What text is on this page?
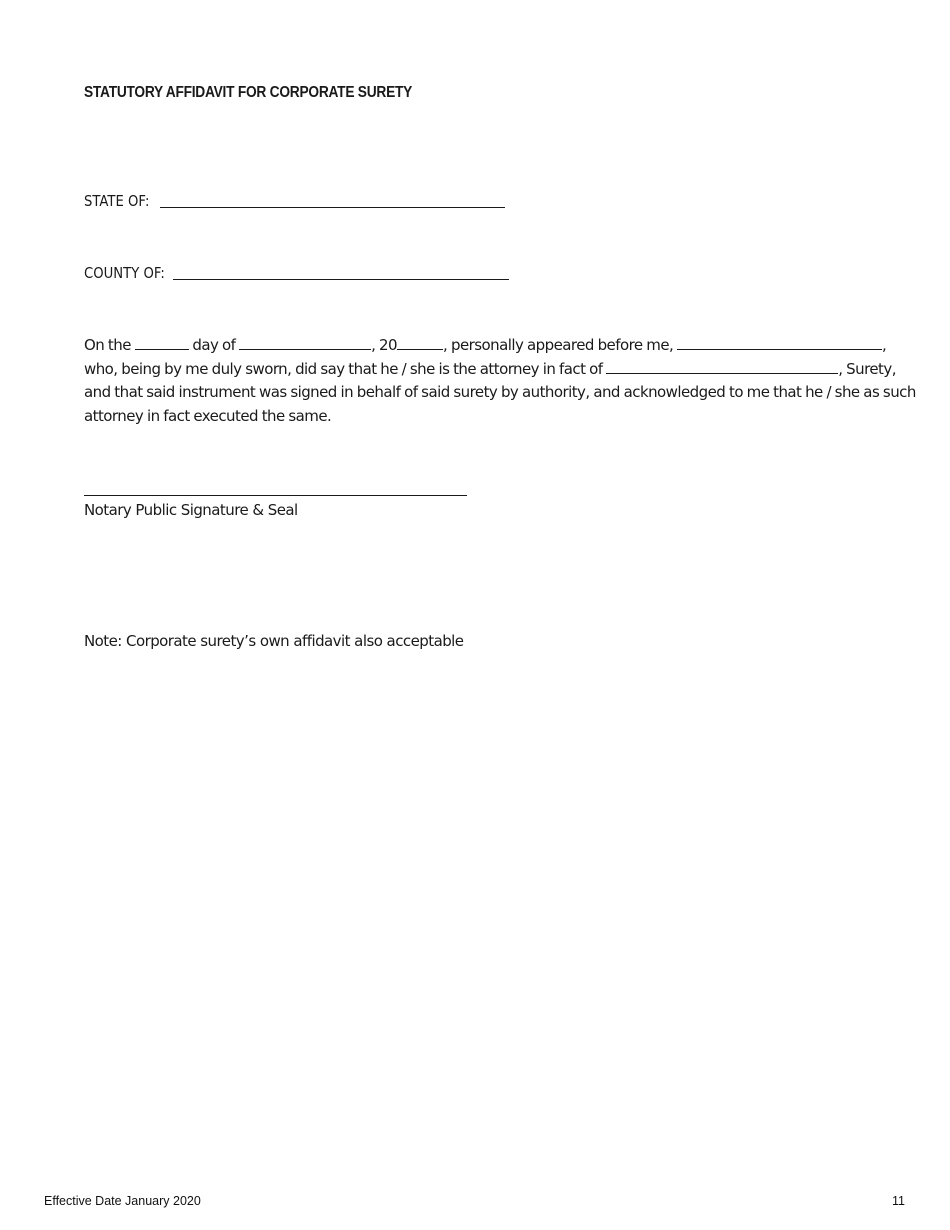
STATUTORY AFFIDAVIT FOR CORPORATE SURETY
STATE OF:
COUNTY OF:
On the	day of	, 20	, personally appeared before me,	,
who, being by me duly sworn, did say that he / she is the attorney in fact of	, Surety,
and that said instrument was signed in behalf of said surety by authority, and acknowledged to me that he / she as such
attorney in fact executed the same.
Notary Public Signature & Seal
Note: Corporate surety’s own affidavit also acceptable
Effective Date January 2020	11
